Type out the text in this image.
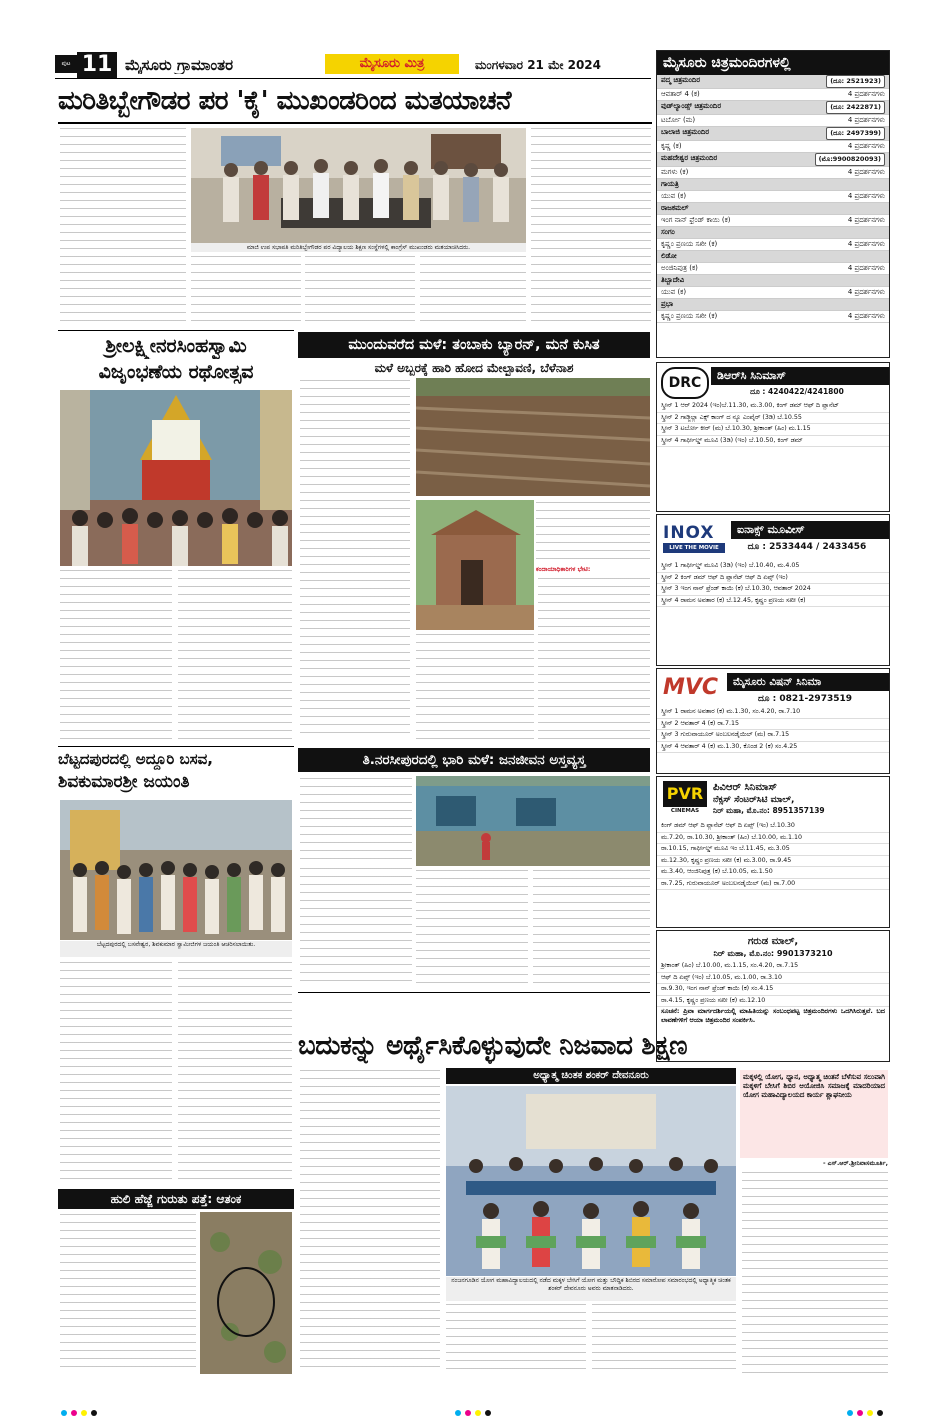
ಪುಟ 11 ಮೈಸೂರು ಗ್ರಾಮಾಂತರ	ಮೈಸೂರು ಮಿತ್ರ	ಮಂಗಳವಾರ 21 ಮೇ 2024
ಮರಿತಿಬ್ಬೇಗೌಡರ ಪರ 'ಕೈ' ಮುಖಂಡರಿಂದ ಮತಯಾಚನೆ
ಮಾಜಿ ಉಪ ಸಭಾಪತಿ ಮರಿತಿಬ್ಬೇಗೌಡರ ಪರ ವಿದ್ಯಾಲಯ ಶಿಕ್ಷಣ ಸಂಸ್ಥೆಗಳಲ್ಲಿ ಕಾಂಗ್ರೆಸ್ ಮುಖಂಡರು ಮತಯಾಚಿಸಿದರು.
ಶ್ರೀಲಕ್ಷ್ಮೀನರಸಿಂಹಸ್ವಾಮಿ
ವಿಜೃಂಭಣೆಯ ರಥೋತ್ಸವ
ಮುಂದುವರೆದ ಮಳೆ: ತಂಬಾಕು ಬ್ಯಾರನ್, ಮನೆ ಕುಸಿತ
ಮಳೆ ಅಬ್ಬರಕ್ಕೆ ಹಾರಿ ಹೋದ ಮೇಲ್ಛಾವಣಿ, ಬೆಳೆನಾಶ
ಕಂದಾಯಾಧಿಕಾರಿಗಳ ಭೇಟಿ:
ಬೆಟ್ಟದಪುರದಲ್ಲಿ ಅದ್ದೂರಿ ಬಸವ,
ಶಿವಕುಮಾರಶ್ರೀ ಜಯಂತಿ
ಬೆಟ್ಟದಪುರದಲ್ಲಿ ಬಸವೇಶ್ವರ, ಶಿವಕುಮಾರ ಸ್ವಾಮೀಜಿಗಳ ಜಯಂತಿ ಆಚರಿಸಲಾಯಿತು.
ತಿ.ನರಸೀಪುರದಲ್ಲಿ ಭಾರಿ ಮಳೆ: ಜನಜೀವನ ಅಸ್ತವ್ಯಸ್ತ
ಹುಲಿ ಹೆಜ್ಜೆ ಗುರುತು ಪತ್ತೆ: ಆತಂಕ
ಬದುಕನ್ನು ಅರ್ಥೈಸಿಕೊಳ್ಳುವುದೇ ನಿಜವಾದ ಶಿಕ್ಷಣ
ಅಧ್ಯಾತ್ಮ ಚಿಂತಕ ಶಂಕರ್ ದೇವನೂರು
ನಂಜನಗೂಡಿನ ಯೋಗ ಮಹಾವಿದ್ಯಾಲಯದಲ್ಲಿ ನಡೆದ ಮಕ್ಕಳ ಬೇಸಿಗೆ ಯೋಗ ಮತ್ತು ಬೌದ್ಧಿಕ ಶಿಬಿರದ ಸಮಾರೋಪ ಸಮಾರಂಭದಲ್ಲಿ ಅಧ್ಯಾತ್ಮಿಕ ಚಿಂತಕ ಶಂಕರ್ ದೇವನೂರು ಅವರು ಮಾತನಾಡಿದರು.
ಮಕ್ಕಳಲ್ಲಿ ಯೋಗ, ಧ್ಯಾನ, ಅಧ್ಯಾತ್ಮ ಚಿಂತನೆ ಬೆಳೆಸುವ ಸಲುವಾಗಿ ಮಕ್ಕಳಿಗೆ ಬೇಸಿಗೆ ಶಿಬಿರ ಆಯೋಜಿಸಿ ಸಮಾಜಕ್ಕೆ ಮಾದರಿಯಾದ ಯೋಗ ಮಹಾವಿದ್ಯಾಲಯದ ಕಾರ್ಯ ಶ್ಲಾಘನೀಯ
- ಎಸ್.ಆರ್.ಶ್ರೀನಿವಾಸಮೂರ್ತಿ,
ಮೈಸೂರು ಚಿತ್ರಮಂದಿರಗಳಲ್ಲಿ
ಪದ್ಮ ಚಿತ್ರಮಂದಿರ	(ದೂ: 2521923)
ಆವತಾರ್ 4 (ಕ)	4 ಪ್ರದರ್ಶನಗಳು
ವುಡ್‌ಲ್ಯಾಂಡ್ಸ್ ಚಿತ್ರಮಂದಿರ	(ದೂ: 2422871)
ಟರ್ಬೋ (ಮ)	4 ಪ್ರದರ್ಶನಗಳು
ಬಾಲಾಜಿ ಚಿತ್ರಮಂದಿರ	(ದೂ: 2497399)
ಕೃಷ್ಣ (ಕ)	4 ಪ್ರದರ್ಶನಗಳು
ಮಹದೇಶ್ವರ ಚಿತ್ರಮಂದಿರ	(ಮೊ:9900820093)
ಮಗಳು (ಕ)	4 ಪ್ರದರ್ಶನಗಳು
ಗಾಯತ್ರಿ
ಯುವ (ಕ)	4 ಪ್ರದರ್ಶನಗಳು
ರಾಜಕಮಲ್
ಇಂಗ ನಾನ್ ಫ್ರೆಂಡ್ ಕಾಯಿ (ಕ)	4 ಪ್ರದರ್ಶನಗಳು
ಸಂಗಂ
ಕೃಷ್ಣಂ ಪ್ರಣಯ ಸಖೀ (ಕ)	4 ಪ್ರದರ್ಶನಗಳು
ಲಿಡೋ
ಅಂಜಿನಿಪುತ್ರ (ಕ)	4 ಪ್ರದರ್ಶನಗಳು
ತಿಬ್ಬಾದೇವಿ
ಯುವ (ಕ)	4 ಪ್ರದರ್ಶನಗಳು
ಪ್ರಭಾ
ಕೃಷ್ಣಂ ಪ್ರಣಯ ಸಖೀ (ಕ)	4 ಪ್ರದರ್ಶನಗಳು
DRC	ಡಿಆರ್‌ಸಿ ಸಿನಿಮಾಸ್
ದೂ : 4240422/4241800
ಸ್ಕ್ರೀನ್ 1 ಆರ್ 2024 (ಇಂ)ಬೆ.11.30, ಮ.3.00, ಕಿಂಗ್ ಡಮ್ ಆಫ್ ದಿ ಪ್ಲಾನೆಟ್
ಸ್ಕ್ರೀನ್ 2 ಗಾಡ್ಜಿಲ್ಲಾ ಎಕ್ಸ್ ಕಾಂಗ್ ದ ನ್ಯೂ ಎಂಪೈರ್ (3ಡಿ) ಬೆ.10.55
ಸ್ಕ್ರೀನ್ 3 ಟರ್ಬೋ ಕೀರ್ (ಮ) ಬೆ.10.30, ಶ್ರೀಕಾಂತ್ (ಹಿಂ) ಮ.1.15
ಸ್ಕ್ರೀನ್ 4 ಗಾರ್ಫೀಲ್ಡ್ ಮೂವಿ (3ಡಿ) (ಇಂ) ಬೆ.10.50, ಕಿಂಗ್ ಡಮ್
INOX
LIVE THE MOVIE
ಐನಾಕ್ಸ್ ಮೂವೀಸ್
ದೂ : 2533444 / 2433456
ಸ್ಕ್ರೀನ್ 1 ಗಾರ್ಫೀಲ್ಡ್ ಮೂವಿ (3ಡಿ) (ಇಂ) ಬೆ.10.40, ಮ.4.05
ಸ್ಕ್ರೀನ್ 2 ಕಿಂಗ್ ಡಮ್ ಆಫ್ ದಿ ಪ್ಲಾನೆಟ್ ಆಫ್ ದಿ ಏಪ್ಸ್ (ಇಂ)
ಸ್ಕ್ರೀನ್ 3 ಇಂಗ ನಾನ್ ಫ್ರೆಂಡ್ ಕಾಯಿ (ಕ) ಬೆ.10.30, ಆವತಾರ್ 2024
ಸ್ಕ್ರೀನ್ 4 ರಾಮನ ಅವತಾರ (ಕ) ಬೆ.12.45, ಕೃಷ್ಣಂ ಪ್ರಣಯ ಸಖೀ (ಕ)
MVC	ಮೈಸೂರು ವಿಷನ್ ಸಿನಿಮಾ
ದೂ : 0821-2973519
ಸ್ಕ್ರೀನ್ 1 ರಾಮನ ಅವತಾರ (ಕ) ಮ.1.30, ಸಂ.4.20, ರಾ.7.10
ಸ್ಕ್ರೀನ್ 2 ಆವತಾರ್ 4 (ಕ) ರಾ.7.15
ಸ್ಕ್ರೀನ್ 3 ಗುರುವಾಯೂರ್ ಅಂಬಲನಡೈಯಿಲ್ (ಮ) ರಾ.7.15
ಸ್ಕ್ರೀನ್ 4 ಆವತಾರ್ 4 (ಕ) ಮ.1.30, ಕೊಂಡ 2 (ಕ) ಸಂ.4.25
PVR
CINEMAS
ಪಿವಿಆರ್ ಸಿನಿಮಾಸ್
ನೆಕ್ಸಸ್ ಸೆಂಟರ್‌ಸಿಟಿ ಮಾಲ್,
ನಿರ್ ಮಹಾ, ಮೊ.ನಂ: 8951357139
ಕಿಂಗ್ ಡಮ್ ಆಫ್ ದಿ ಪ್ಲಾನೆಟ್ ಆಫ್ ದಿ ಏಪ್ಸ್ (ಇಂ) ಬೆ.10.30
ಮ.7.20, ರಾ.10.30, ಶ್ರೀಕಾಂತ್ (ಹಿಂ) ಬೆ.10.00, ಮ.1.10
ರಾ.10.15, ಗಾರ್ಫೀಲ್ಡ್ ಮೂವಿ ಇಂ ಬೆ.11.45, ಮ.3.05
ಮ.12.30, ಕೃಷ್ಣಂ ಪ್ರಣಯ ಸಖೀ (ಕ) ಮ.3.00, ರಾ.9.45
ಮ.3.40, ಆಂಜಿನಿಪುತ್ರ (ಕ) ಬೆ.10.05, ಮ.1.50
ರಾ.7.25, ಗುರುವಾಯೂರ್ ಅಂಬಲನಡೈಯಿಲ್ (ಮ) ರಾ.7.00
ಗರುಡ ಮಾಲ್,
ನಿರ್ ಮಹಾ, ಮೊ.ನಂ: 9901373210
ಶ್ರೀಕಾಂತ್ (ಹಿಂ) ಬೆ.10.00, ಮ.1.15, ಸಂ.4.20, ರಾ.7.15
ಆಫ್ ದಿ ಏಪ್ಸ್ (ಇಂ) ಬೆ.10.05, ಮ.1.00, ರಾ.3.10
ರಾ.9.30, ಇಂಗ ನಾನ್ ಫ್ರೆಂಡ್ ಕಾಯಿ (ಕ) ಸಂ.4.15
ರಾ.4.15, ಕೃಷ್ಣಂ ಪ್ರಣಯ ಸಖೀ (ಕ) ಮ.12.10
ಸೂಚನೆ: ಪ್ರಿವಾ ಮಾರ್ಗದರ್ಶಿಯಲ್ಲಿ ಮಾಹಿತಿಯನ್ನು ಸಂಬಂಧಪಟ್ಟ ಚಿತ್ರಮಂದಿರಗಳು ಒದಗಿಸಿರುತ್ತವೆ. ಬದಲಾವಣೆಗಳಿಗೆ ಆಯಾ ಚಿತ್ರಮಂದಿರ ಸಂಪರ್ಕಿಸಿ.
